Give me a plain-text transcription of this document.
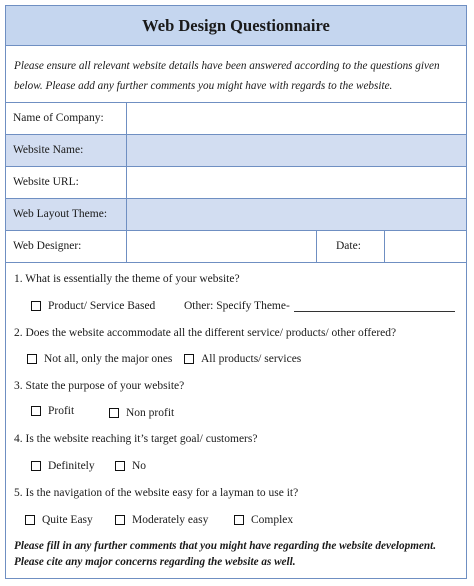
Web Design Questionnaire
Please ensure all relevant website details have been answered according to the questions given below. Please add any further comments you might have with regards to the website.
Name of Company:
Website Name:
Website URL:
Web Layout Theme:
Web Designer:	Date:
1. What is essentially the theme of your website?
Product/ Service Based Other: Specify Theme-
2. Does the website accommodate all the different service/ products/ other offered?
Not all, only the major ones All products/ services
3. State the purpose of your website?
Profit	Non profit
4. Is the website reaching it’s target goal/ customers?
Definitely	No
5. Is the navigation of the website easy for a layman to use it?
Quite Easy	Moderately easy	Complex
Please fill in any further comments that you might have regarding the website development. Please cite any major concerns regarding the website as well.
